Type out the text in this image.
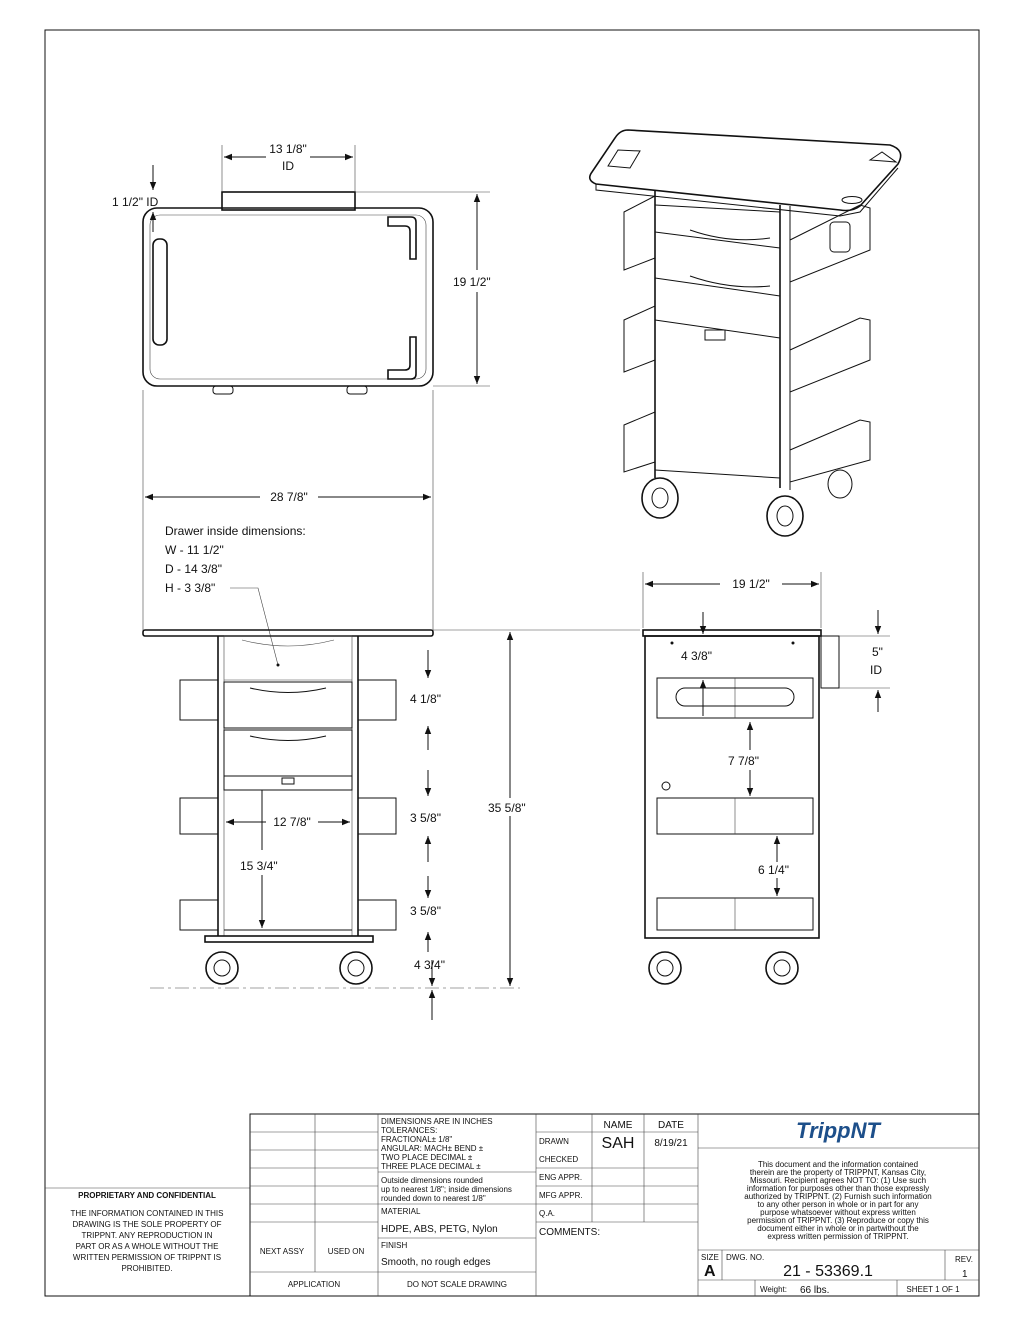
13 1/8"
ID
1 1/2" ID
19 1/2"
28 7/8"
Drawer inside dimensions:
W - 11 1/2"
D - 14 3/8"
H - 3 3/8"
4 1/8"
3 5/8"
3 5/8"
4 3/4"
12 7/8"
15 3/4"
35 5/8"
19 1/2"
4 3/8"	5"
ID
7 7/8"
6 1/4"
PROPRIETARY AND CONFIDENTIAL
THE INFORMATION CONTAINED IN THIS
DRAWING IS THE SOLE PROPERTY OF
TRIPPNT. ANY REPRODUCTION IN
PART OR AS A WHOLE WITHOUT THE
WRITTEN PERMISSION OF TRIPPNT IS
PROHIBITED.
NEXT ASSY	USED ON
APPLICATION	DO NOT SCALE DRAWING
DIMENSIONS ARE IN INCHES
TOLERANCES:
FRACTIONAL± 1/8"
ANGULAR: MACH± BEND ±
TWO PLACE DECIMAL ±
THREE PLACE DECIMAL ±
Outside dimensions rounded
up to nearest 1/8"; inside dimensions
rounded down to nearest 1/8"
MATERIAL
HDPE, ABS, PETG, Nylon
FINISH
Smooth, no rough edges
NAME	DATE
DRAWN SAH 8/19/21
CHECKED
ENG APPR.
MFG APPR.
Q.A.
COMMENTS:
TrippNT
This document and the information contained
therein are the property of TRIPPNT, Kansas City,
Missouri. Recipient agrees NOT TO: (1) Use such
information for purposes other than those expressly
authorized by TRIPPNT. (2) Furnish such information
to any other person in whole or in part for any
purpose whatsoever without express written
permission of TRIPPNT. (3) Reproduce or copy this
document either in whole or in partwithout the
express written permission of TRIPPNT.
SIZE
A
DWG. NO.
21 - 53369.1
REV.
1
Weight: 66 lbs.	SHEET 1 OF 1
